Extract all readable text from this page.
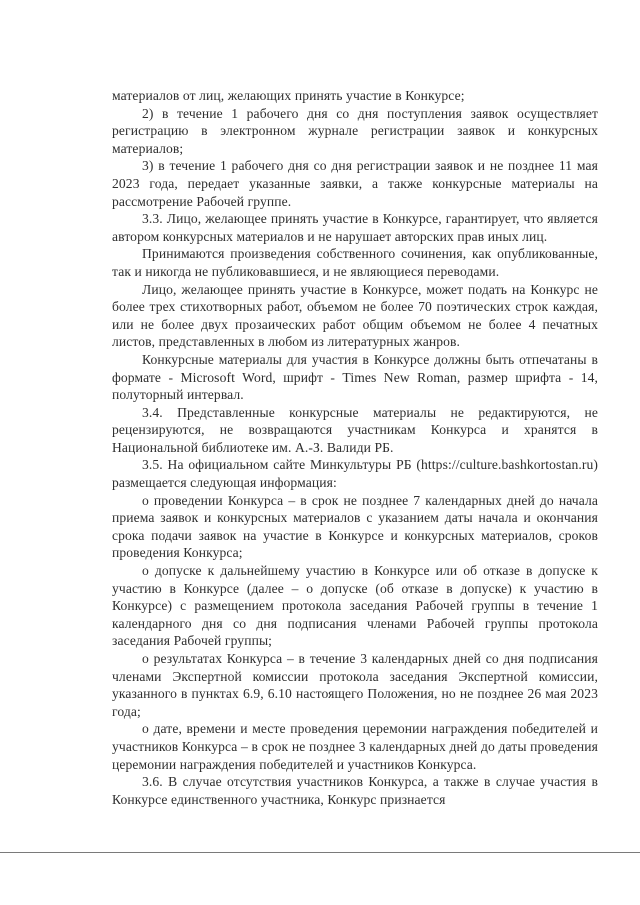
материалов от лиц, желающих принять участие в Конкурсе;

2) в течение 1 рабочего дня со дня поступления заявок осуществляет регистрацию в электронном журнале регистрации заявок и конкурсных материалов;

3) в течение 1 рабочего дня со дня регистрации заявок и не позднее 11 мая 2023 года, передает указанные заявки, а также конкурсные материалы на рассмотрение Рабочей группе.

3.3. Лицо, желающее принять участие в Конкурсе, гарантирует, что является автором конкурсных материалов и не нарушает авторских прав иных лиц.

Принимаются произведения собственного сочинения, как опубликованные, так и никогда не публиковавшиеся, и не являющиеся переводами.

Лицо, желающее принять участие в Конкурсе, может подать на Конкурс не более трех стихотворных работ, объемом не более 70 поэтических строк каждая, или не более двух прозаических работ общим объемом не более 4 печатных листов, представленных в любом из литературных жанров.

Конкурсные материалы для участия в Конкурсе должны быть отпечатаны в формате - Microsoft Word, шрифт - Times New Roman, размер шрифта - 14, полуторный интервал.

3.4. Представленные конкурсные материалы не редактируются, не рецензируются, не возвращаются участникам Конкурса и хранятся в Национальной библиотеке им. А.-З. Валиди РБ.

3.5. На официальном сайте Минкультуры РБ (https://culture.bashkortostan.ru) размещается следующая информация:

о проведении Конкурса – в срок не позднее 7 календарных дней до начала приема заявок и конкурсных материалов с указанием даты начала и окончания срока подачи заявок на участие в Конкурсе и конкурсных материалов, сроков проведения Конкурса;

о допуске к дальнейшему участию в Конкурсе или об отказе в допуске к участию в Конкурсе (далее – о допуске (об отказе в допуске) к участию в Конкурсе) с размещением протокола заседания Рабочей группы в течение 1 календарного дня со дня подписания членами Рабочей группы протокола заседания Рабочей группы;

о результатах Конкурса – в течение 3 календарных дней со дня подписания членами Экспертной комиссии протокола заседания Экспертной комиссии, указанного в пунктах 6.9, 6.10 настоящего Положения, но не позднее 26 мая 2023 года;

о дате, времени и месте проведения церемонии награждения победителей и участников Конкурса – в срок не позднее 3 календарных дней до даты проведения церемонии награждения победителей и участников Конкурса.

3.6. В случае отсутствия участников Конкурса, а также в случае участия в Конкурсе единственного участника, Конкурс признается
